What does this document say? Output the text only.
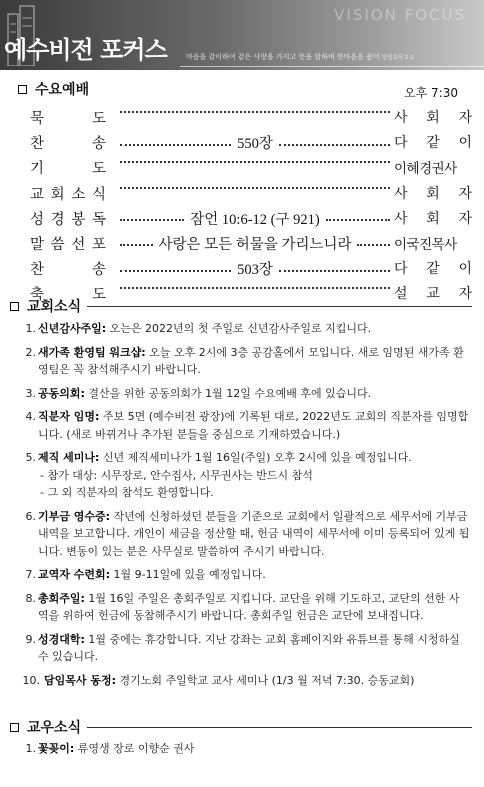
VISION FOCUS
예수비전 포커스	마음을 같이하여 같은 사랑을 가지고 뜻을 합하며 한마음을 품어 빌립보서 2:2
수요예배	오후 7:30
묵	도	사 회 자
찬	송	550장	다 같 이
기	도	이혜경권사
교 회 소 식	사 회 자
성 경 봉 독	잠언 10:6-12 (구 921)	사 회 자
말 씀 선 포	사랑은 모든 허물을 가리느니라	이국진목사
찬	송	503장	다 같 이
축	도	설 교 자
교회소식
1. 신년감사주일: 오는은 2022년의 첫 주일로 신년감사주일로 지킵니다.
2. 새가족 환영팀 워크샵: 오늘 오후 2시에 3층 공감홀에서 모입니다. 새로 임명된 새가족 환영팀은 꼭 참석해주시기 바랍니다.
3. 공동의회: 결산을 위한 공동의회가 1월 12일 수요예배 후에 있습니다.
4. 직분자 임명: 주보 5면 (예수비전 광장)에 기록된 대로, 2022년도 교회의 직분자를 임명합니다. (새로 바뀌거나 추가된 분들을 중심으로 기재하였습니다.)
5. 제직 세미나: 신년 제직세미나가 1월 16일(주일) 오후 2시에 있을 예정입니다.
- 참가 대상: 시무장로, 안수집사, 시무권사는 반드시 참석
- 그 외 직분자의 참석도 환영합니다.
6. 기부금 영수증: 작년에 신청하셨던 분들을 기준으로 교회에서 일괄적으로 세무서에 기부금 내역을 보고합니다. 개인이 세금을 정산할 때, 헌금 내역이 세무서에 이미 등록되어 있게 됩니다. 변동이 있는 분은 사무실로 말씀하여 주시기 바랍니다.
7. 교역자 수련회: 1월 9-11일에 있을 예정입니다.
8. 총회주일: 1월 16일 주일은 총회주일로 지킵니다. 교단을 위해 기도하고, 교단의 선한 사역을 위하여 헌금에 동참해주시기 바랍니다. 총회주일 헌금은 교단에 보내집니다.
9. 성경대학: 1월 중에는 휴강합니다. 지난 강좌는 교회 홈페이지와 유튜브를 통해 시청하실 수 있습니다.
10. 담임목사 동정: 경기노회 주일학교 교사 세미나 (1/3 월 저녁 7:30. 승동교회)
교우소식
1. 꽃꽂이: 류영생 장로 이향순 권사
